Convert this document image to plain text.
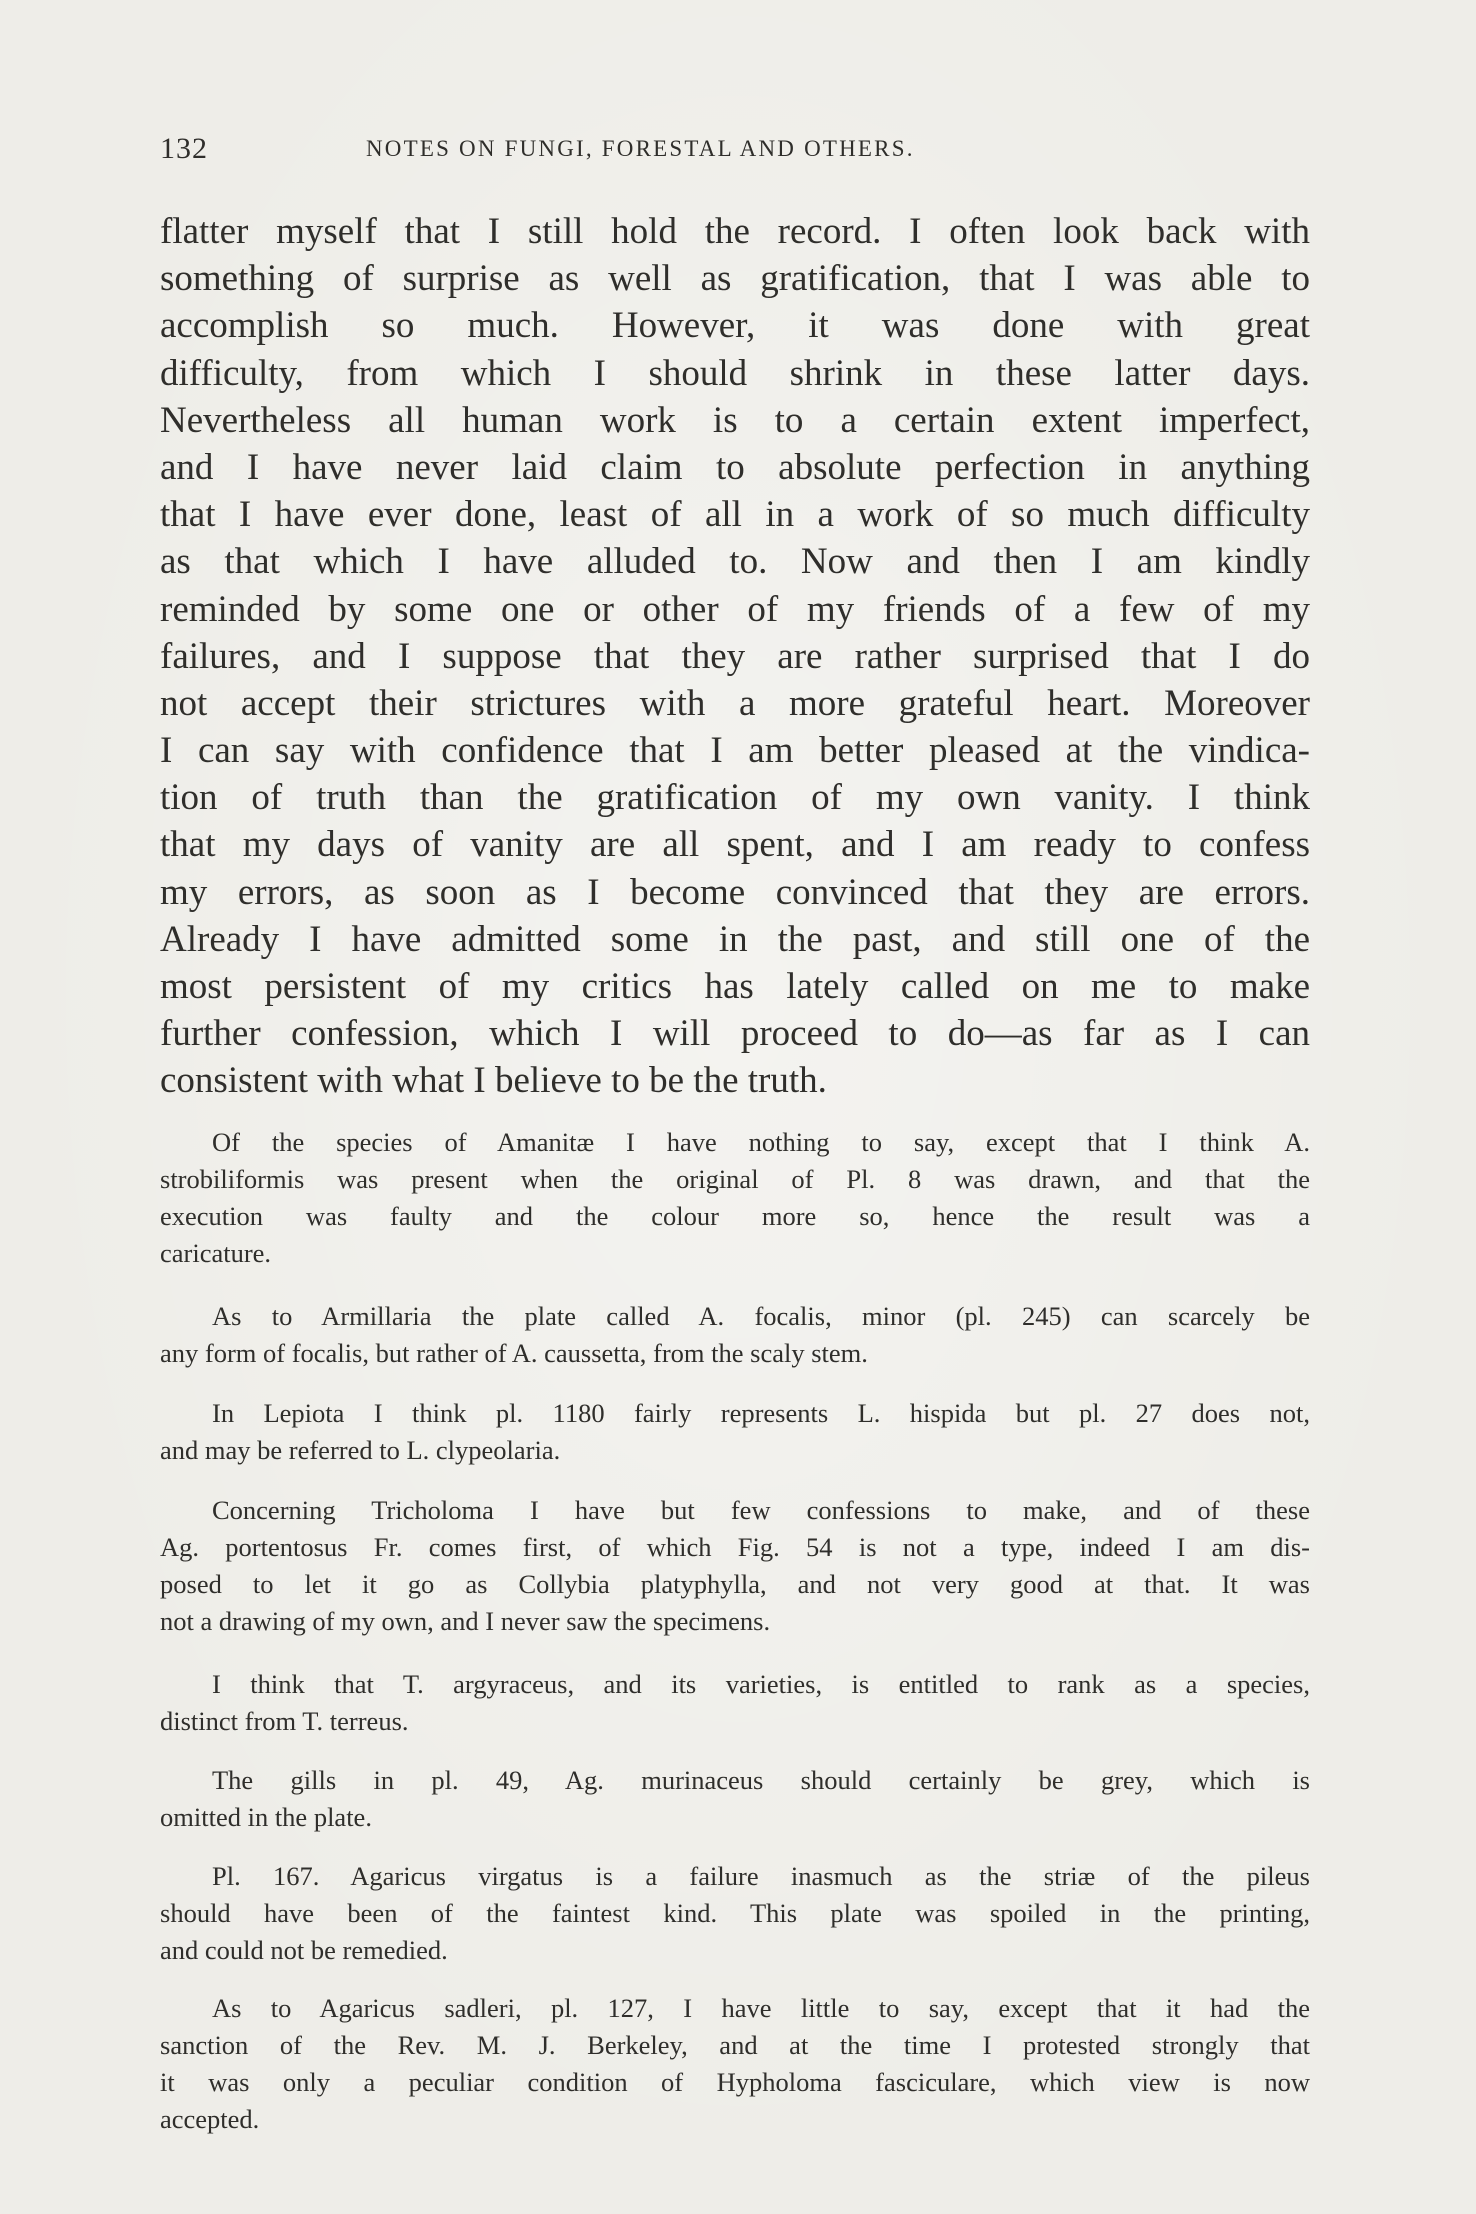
132	NOTES ON FUNGI, FORESTAL AND OTHERS.
flatter myself that I still hold the record. I often look back with
something of surprise as well as gratification, that I was able to
accomplish so much. However, it was done with great
difficulty, from which I should shrink in these latter days.
Nevertheless all human work is to a certain extent imperfect,
and I have never laid claim to absolute perfection in anything
that I have ever done, least of all in a work of so much difficulty
as that which I have alluded to. Now and then I am kindly
reminded by some one or other of my friends of a few of my
failures, and I suppose that they are rather surprised that I do
not accept their strictures with a more grateful heart. Moreover
I can say with confidence that I am better pleased at the vindica-
tion of truth than the gratification of my own vanity. I think
that my days of vanity are all spent, and I am ready to confess
my errors, as soon as I become convinced that they are errors.
Already I have admitted some in the past, and still one of the
most persistent of my critics has lately called on me to make
further confession, which I will proceed to do—as far as I can
consistent with what I believe to be the truth.
Of the species of Amanitæ I have nothing to say, except that I think A.
strobiliformis was present when the original of Pl. 8 was drawn, and that the
execution was faulty and the colour more so, hence the result was a
caricature.
As to Armillaria the plate called A. focalis, minor (pl. 245) can scarcely be
any form of focalis, but rather of A. caussetta, from the scaly stem.
In Lepiota I think pl. 1180 fairly represents L. hispida but pl. 27 does not,
and may be referred to L. clypeolaria.
Concerning Tricholoma I have but few confessions to make, and of these
Ag. portentosus Fr. comes first, of which Fig. 54 is not a type, indeed I am dis-
posed to let it go as Collybia platyphylla, and not very good at that. It was
not a drawing of my own, and I never saw the specimens.
I think that T. argyraceus, and its varieties, is entitled to rank as a species,
distinct from T. terreus.
The gills in pl. 49, Ag. murinaceus should certainly be grey, which is
omitted in the plate.
Pl. 167. Agaricus virgatus is a failure inasmuch as the striæ of the pileus
should have been of the faintest kind. This plate was spoiled in the printing,
and could not be remedied.
As to Agaricus sadleri, pl. 127, I have little to say, except that it had the
sanction of the Rev. M. J. Berkeley, and at the time I protested strongly that
it was only a peculiar condition of Hypholoma fasciculare, which view is now
accepted.
